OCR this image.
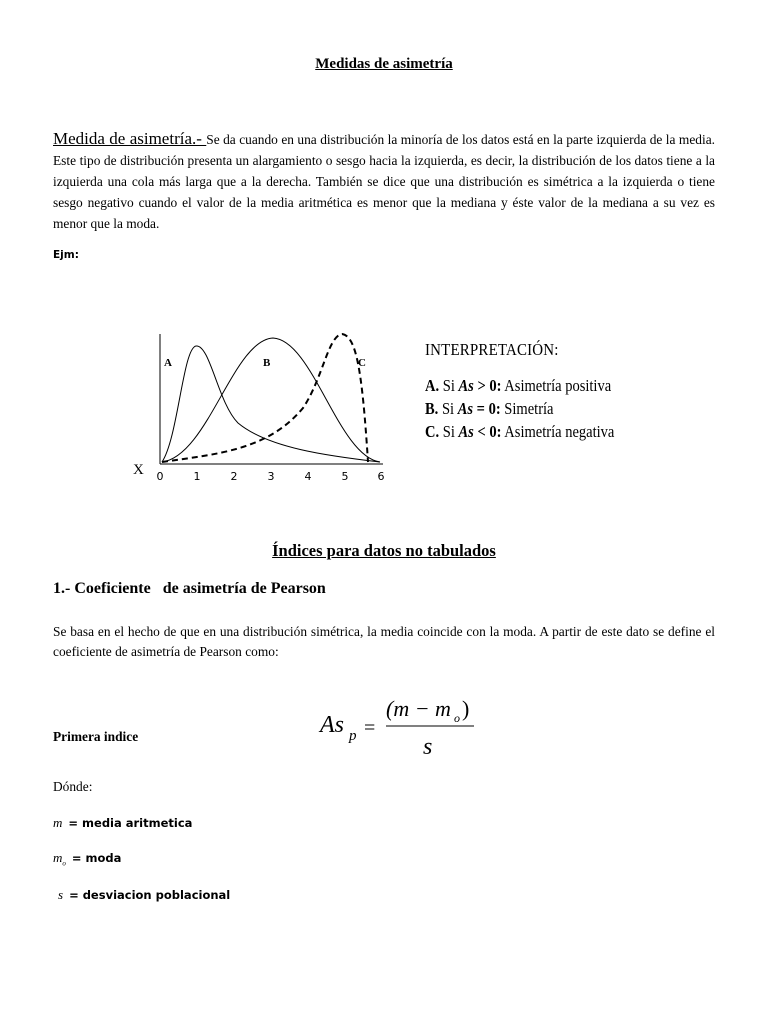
Medidas de asimetría
Medida de asimetría.- Se da cuando en una distribución la minoría de los datos está en la parte izquierda de la media. Este tipo de distribución presenta un alargamiento o sesgo hacia la izquierda, es decir, la distribución de los datos tiene a la izquierda una cola más larga que a la derecha. También se dice que una distribución es simétrica a la izquierda o tiene sesgo negativo cuando el valor de la media aritmética es menor que la mediana y éste valor de la mediana a su vez es menor que la moda.
Ejm:
A	B	C
X 0	1	2	3	4	5	6
INTERPRETACIÓN:
A. Si As > 0: Asimetría positiva
B. Si As = 0: Simetría
C. Si As < 0: Asimetría negativa
Índices para datos no tabulados
1.- Coeficiente   de asimetría de Pearson
Se basa en el hecho de que en una distribución simétrica, la media coincide con la moda. A partir de este dato se define el coeficiente de asimetría de Pearson como:
Primera indice	As p =
(m − m o )
s
Dónde:
m = media aritmetica
$m_o$ = moda
s = desviacion poblacional
